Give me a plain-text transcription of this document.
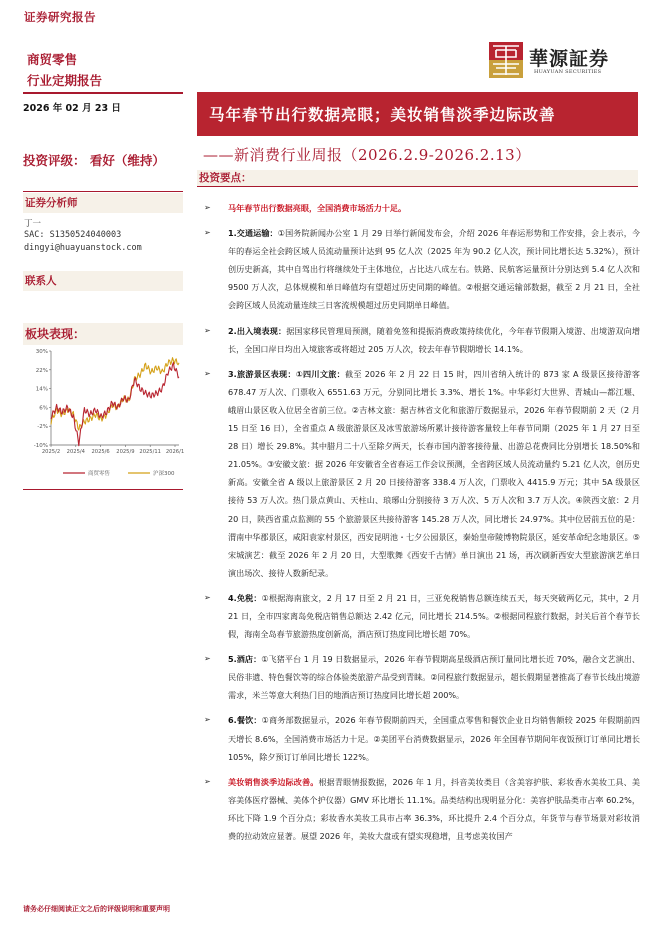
证券研究报告
商贸零售
行业定期报告
2026 年 02 月 23 日
華源証券
HUAYUAN SECURITIES
马年春节出行数据亮眼；美妆销售淡季边际改善
——新消费行业周报（2026.2.9-2026.2.13）
投资评级： 看好（维持）
证券分析师
丁一
SAC: S1350524040003
dingyi@huayuanstock.com
联系人
板块表现：
30%
22%
14%
6%
-2%
-10%
2025/2 2025/4 2025/6 2025/9 2025/11 2026/1
商贸零售	沪深300
投资要点：
➢ 马年春节出行数据亮眼，全国消费市场活力十足。
➢ 1.交通运输：①国务院新闻办公室 1 月 29 日举行新闻发布会，介绍 2026 年春运形势和工作安排，会上表示，今年的春运全社会跨区域人员流动量预计达到 95 亿人次（2025 年为 90.2 亿人次，预计同比增长达 5.32%），预计创历史新高，其中自驾出行将继续处于主体地位，占比达八成左右。铁路、民航客运量预计分别达到 5.4 亿人次和 9500 万人次，总体规模和单日峰值均有望超过历史同期的峰值。②根据交通运输部数据，截至 2 月 21 日，全社会跨区域人员流动量连续三日客流规模超过历史同期单日峰值。
➢ 2.出入境表现：据国家移民管理局预测，随着免签和提振消费政策持续优化，今年春节假期入境游、出境游双向增长，全国口岸日均出入境旅客或将超过 205 万人次，较去年春节假期增长 14.1%。
➢ 3.旅游景区表现：①四川文旅：截至 2026 年 2 月 22 日 15 时，四川省纳入统计的 873 家 A 级景区接待游客 678.47 万人次、门票收入 6551.63 万元，分别同比增长 3.3%、增长 1%。中华彩灯大世界、青城山—都江堰、峨眉山景区收入位居全省前三位。②吉林文旅：据吉林省文化和旅游厅数据显示，2026 年春节假期前 2 天（2 月 15 日至 16 日），全省重点 A 级旅游景区及冰雪旅游场所累计接待游客量较上年春节同期（2025 年 1 月 27 日至 28 日）增长 29.8%。其中腊月二十八至除夕两天，长春市国内游客接待量、出游总花费同比分别增长 18.50%和 21.05%。③安徽文旅：据 2026 年安徽省全省春运工作会议预测，全省跨区域人员流动量约 5.21 亿人次，创历史新高。安徽全省 A 级以上旅游景区 2 月 20 日接待游客 338.4 万人次，门票收入 4415.9 万元；其中 5A 级景区接待 53 万人次。热门景点黄山、天柱山、琅琊山分别接待 3 万人次、5 万人次和 3.7 万人次。④陕西文旅：2 月 20 日，陕西省重点监测的 55 个旅游景区共接待游客 145.28 万人次，同比增长 24.97%。其中位居前五位的是：渭南中华郡景区，咸阳袁家村景区，西安昆明池・七夕公园景区，秦始皇帝陵博物院景区，延安革命纪念地景区。⑤宋城演艺：截至 2026 年 2 月 20 日，大型歌舞《西安千古情》单日演出 21 场，再次刷新西安大型旅游演艺单日演出场次、接待人数新纪录。
➢ 4.免税：①根据海南旅文，2 月 17 日至 2 月 21 日，三亚免税销售总额连续五天，每天突破两亿元，其中，2 月 21 日，全市四家离岛免税店销售总额达 2.42 亿元，同比增长 214.5%。②根据同程旅行数据，封关后首个春节长假，海南全岛春节旅游热度创新高，酒店预订热度同比增长超 70%。
➢ 5.酒店：①飞猪平台 1 月 19 日数据显示，2026 年春节假期高星级酒店预订量同比增长近 70%，融合文艺演出、民俗非遗、特色餐饮等的综合体验类旅游产品受到青睐。②同程旅行数据显示，超长假期显著推高了春节长线出境游需求，米兰等意大利热门目的地酒店预订热度同比增长超 200%。
➢ 6.餐饮：①商务部数据显示，2026 年春节假期前四天，全国重点零售和餐饮企业日均销售额较 2025 年假期前四天增长 8.6%，全国消费市场活力十足。②美团平台消费数据显示，2026 年全国春节期间年夜饭预订订单同比增长 105%，除夕预订订单同比增长 122%。
➢ 美妆销售淡季边际改善。根据青眼情报数据，2026 年 1 月，抖音美妆类目（含美容护肤、彩妆香水美妆工具、美容美体医疗器械、美体个护仪器）GMV 环比增长 11.1%。品类结构出现明显分化：美容护肤品类市占率 60.2%，环比下降 1.9 个百分点；彩妆香水美妆工具市占率 36.3%，环比提升 2.4 个百分点，年货节与春节场景对彩妆消费的拉动效应显著。展望 2026 年，美妆大盘或有望实现稳增，且考虑美妆国产
请务必仔细阅读正文之后的评级说明和重要声明
